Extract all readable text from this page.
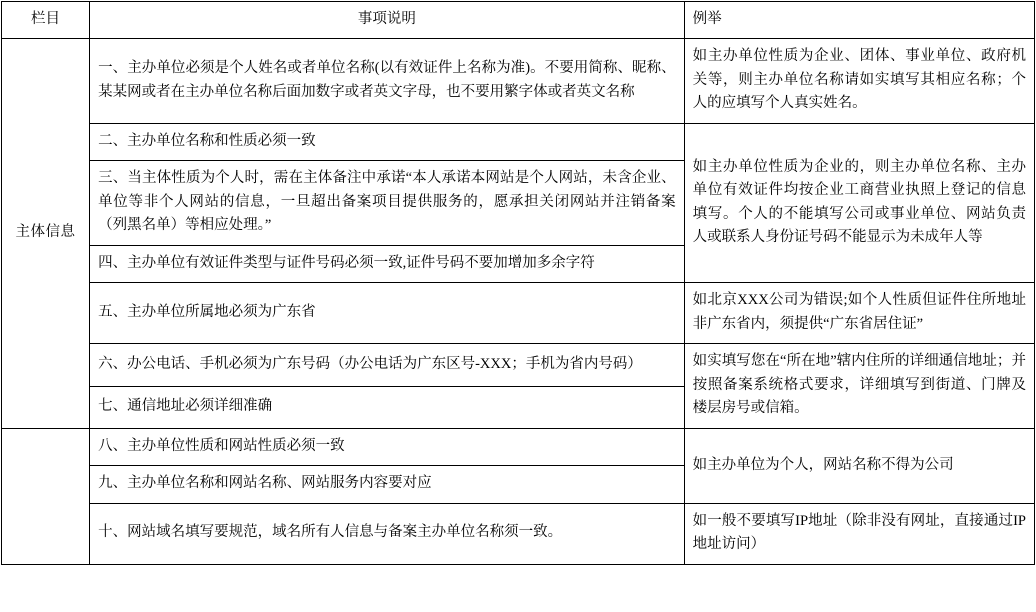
栏目	事项说明	例举
主体信息	一、主办单位必须是个人姓名或者单位名称(以有效证件上名称为准)。不要用简称、昵称、某某网或者在主办单位名称后面加数字或者英文字母，也不要用繁字体或者英文名称	如主办单位性质为企业、团体、事业单位、政府机关等，则主办单位名称请如实填写其相应名称；个人的应填写个人真实姓名。
	二、主办单位名称和性质必须一致	如主办单位性质为企业的，则主办单位名称、主办单位有效证件均按企业工商营业执照上登记的信息填写。个人的不能填写公司或事业单位、网站负责人或联系人身份证号码不能显示为未成年人等
	三、当主体性质为个人时，需在主体备注中承诺“本人承诺本网站是个人网站，未含企业、单位等非个人网站的信息，一旦超出备案项目提供服务的，愿承担关闭网站并注销备案（列黑名单）等相应处理。”	
	四、主办单位有效证件类型与证件号码必须一致,证件号码不要加增加多余字符	
	五、主办单位所属地必须为广东省	如北京XXX公司为错误;如个人性质但证件住所地址非广东省内，须提供“广东省居住证”
	六、办公电话、手机必须为广东号码（办公电话为广东区号-XXX；手机为省内号码）	如实填写您在“所在地”辖内住所的详细通信地址；并按照备案系统格式要求，详细填写到街道、门牌及楼层房号或信箱。
	七、通信地址必须详细准确	
	八、主办单位性质和网站性质必须一致	如主办单位为个人，网站名称不得为公司
	九、主办单位名称和网站名称、网站服务内容要对应	
	十、网站域名填写要规范，域名所有人信息与备案主办单位名称须一致。	如一般不要填写IP地址（除非没有网址，直接通过IP地址访问）
